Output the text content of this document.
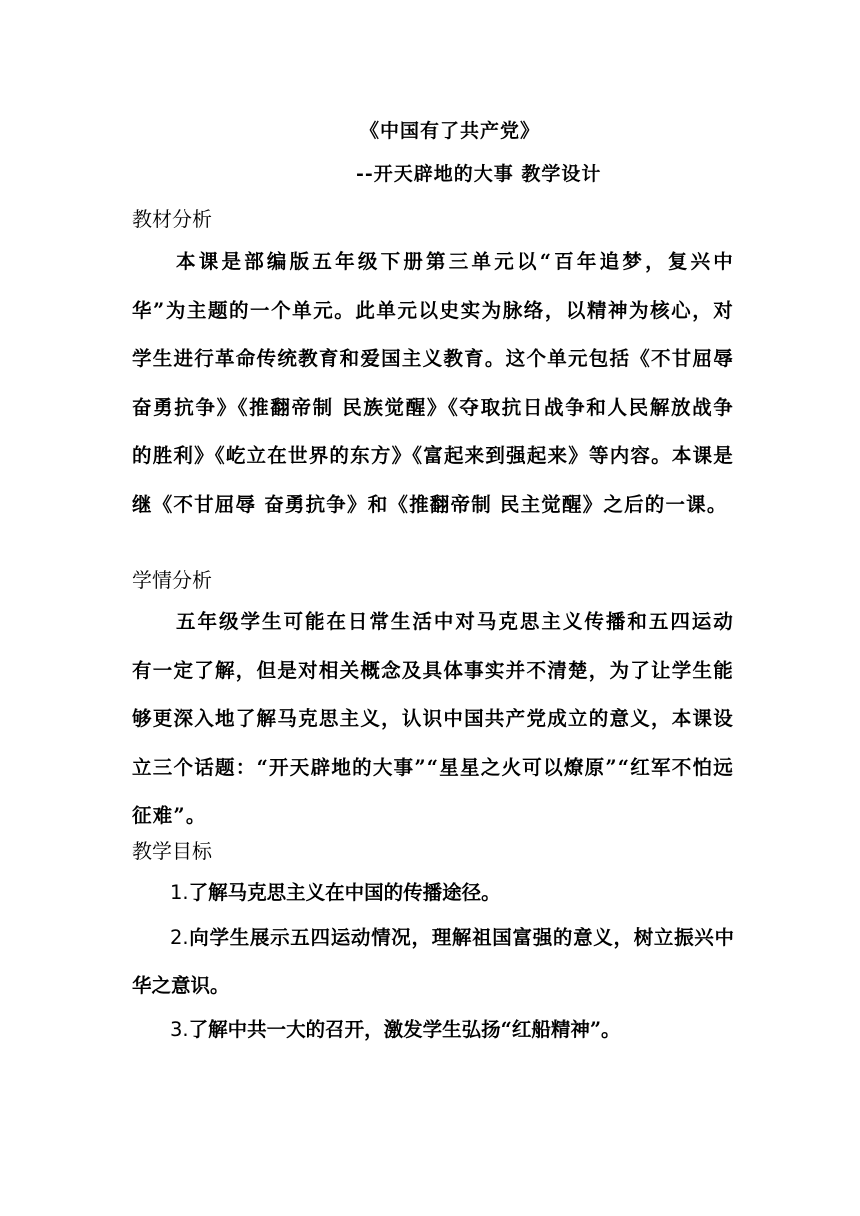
《中国有了共产党》
--开天辟地的大事 教学设计
教材分析

本课是部编版五年级下册第三单元以“百年追梦，复兴中华”为主题的一个单元。此单元以史实为脉络，以精神为核心，对学生进行革命传统教育和爱国主义教育。这个单元包括《不甘屈辱 奋勇抗争》《推翻帝制 民族觉醒》《夺取抗日战争和人民解放战争的胜利》《屹立在世界的东方》《富起来到强起来》等内容。本课是继《不甘屈辱 奋勇抗争》和《推翻帝制 民主觉醒》之后的一课。

学情分析

五年级学生可能在日常生活中对马克思主义传播和五四运动有一定了解，但是对相关概念及具体事实并不清楚，为了让学生能够更深入地了解马克思主义，认识中国共产党成立的意义，本课设立三个话题：“开天辟地的大事”“星星之火可以燎原”“红军不怕远征难”。

教学目标

1.了解马克思主义在中国的传播途径。

2.向学生展示五四运动情况，理解祖国富强的意义，树立振兴中华之意识。

3.了解中共一大的召开，激发学生弘扬“红船精神”。
